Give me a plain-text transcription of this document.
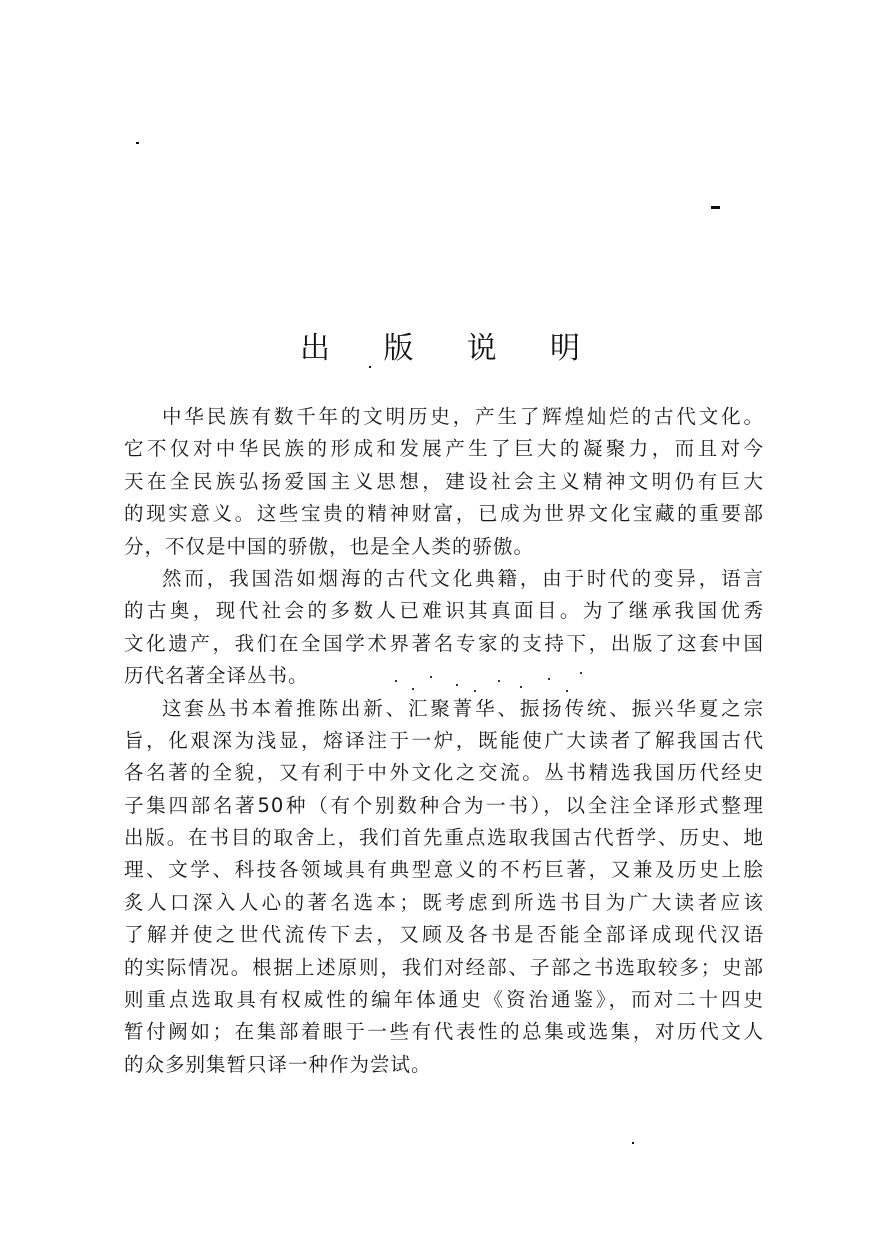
出 版 说 明
中华民族有数千年的文明历史，产生了辉煌灿烂的古代文化。
它不仅对中华民族的形成和发展产生了巨大的凝聚力，而且对今
天在全民族弘扬爱国主义思想，建设社会主义精神文明仍有巨大
的现实意义。这些宝贵的精神财富，已成为世界文化宝藏的重要部
分，不仅是中国的骄傲，也是全人类的骄傲。
然而，我国浩如烟海的古代文化典籍，由于时代的变异，语言
的古奥，现代社会的多数人已难识其真面目。为了继承我国优秀
文化遗产，我们在全国学术界著名专家的支持下，出版了这套中国
历代名著全译丛书。
这套丛书本着推陈出新、汇聚菁华、振扬传统、振兴华夏之宗
旨，化艰深为浅显，熔译注于一炉，既能使广大读者了解我国古代
各名著的全貌，又有利于中外文化之交流。丛书精选我国历代经史
子集四部名著50种（有个别数种合为一书），以全注全译形式整理
出版。在书目的取舍上，我们首先重点选取我国古代哲学、历史、地
理、文学、科技各领域具有典型意义的不朽巨著，又兼及历史上脍
炙人口深入人心的著名选本；既考虑到所选书目为广大读者应该
了解并使之世代流传下去，又顾及各书是否能全部译成现代汉语
的实际情况。根据上述原则，我们对经部、子部之书选取较多；史部
则重点选取具有权威性的编年体通史《资治通鉴》，而对二十四史
暂付阙如；在集部着眼于一些有代表性的总集或选集，对历代文人
的众多别集暂只译一种作为尝试。
